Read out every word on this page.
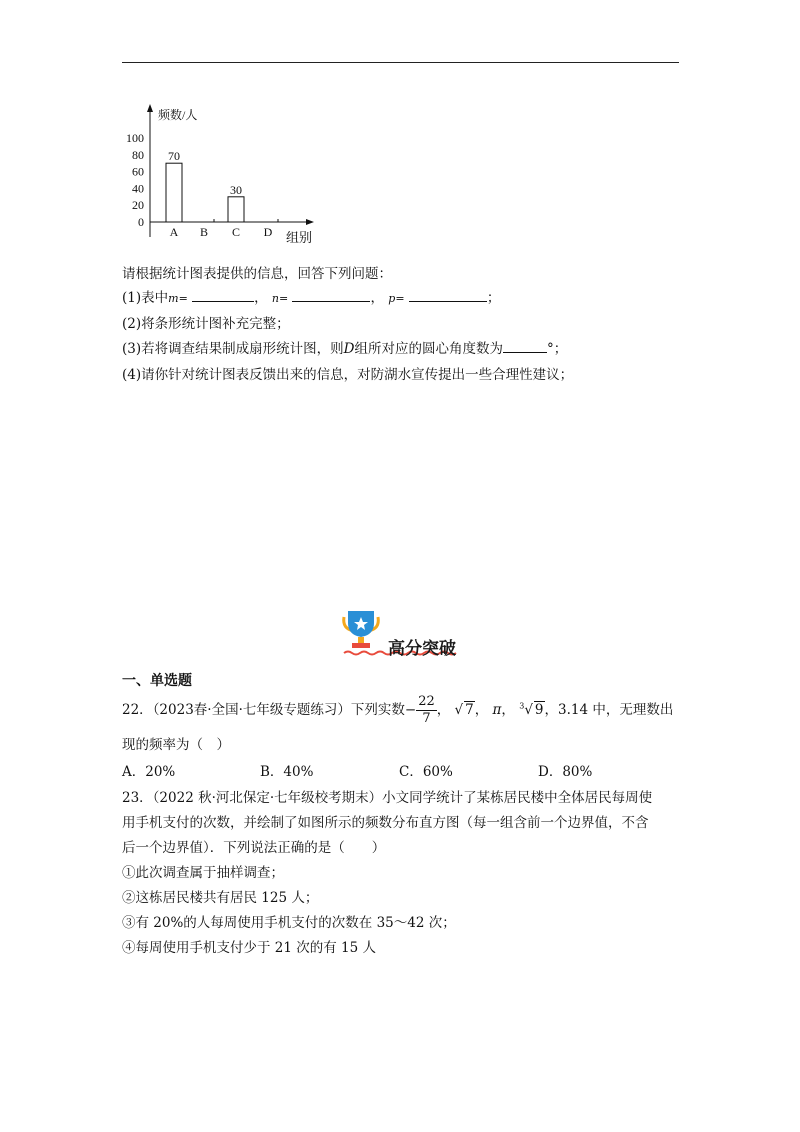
频数/人
100
80
60
40
20
0
70
30
A B C D 组别
请根据统计图表提供的信息，回答下列问题：
(1)表中m=	， n=	， p=	；
(2)将条形统计图补充完整；
(3)若将调查结果制成扇形统计图，则D组所对应的圆心角度数为	°；
(4)请你针对统计图表反馈出来的信息，对防湖水宣传提出一些合理性建议；
高分突破
一、单选题
22．（2023春·全国·七年级专题练习）下列实数− $\frac{22}{7}$ ， √ 7， π， $^3$√ 9，3.14 中，无理数出
现的频率为（　）
A．20%	B．40%	C．60%	D．80%
23．（2022 秋·河北保定·七年级校考期末）小文同学统计了某栋居民楼中全体居民每周使
用手机支付的次数，并绘制了如图所示的频数分布直方图（每一组含前一个边界值，不含
后一个边界值）．下列说法正确的是（　　）
①此次调查属于抽样调查；
②这栋居民楼共有居民 125 人；
③有 20%的人每周使用手机支付的次数在 35～42 次；
④每周使用手机支付少于 21 次的有 15 人
